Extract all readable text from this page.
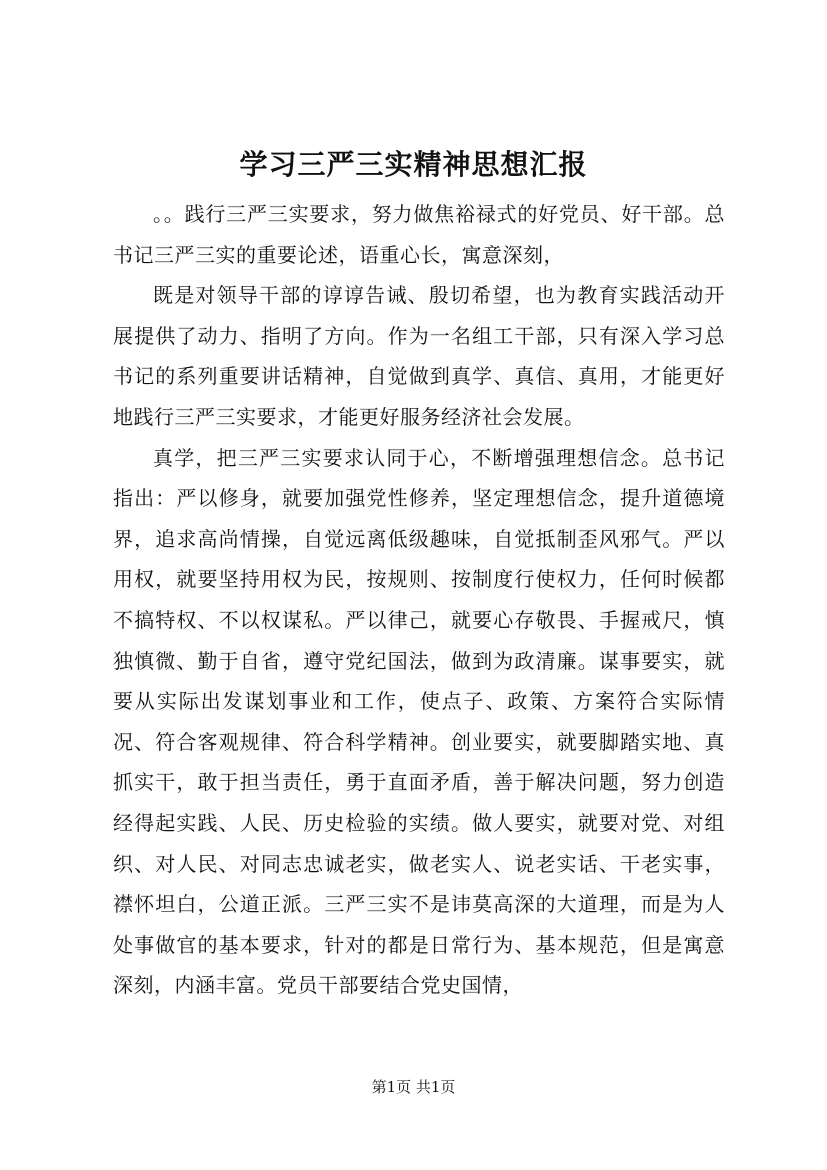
学习三严三实精神思想汇报

。。践行三严三实要求，努力做焦裕禄式的好党员、好干部。总书记三严三实的重要论述，语重心长，寓意深刻，

既是对领导干部的谆谆告诫、殷切希望，也为教育实践活动开展提供了动力、指明了方向。作为一名组工干部，只有深入学习总书记的系列重要讲话精神，自觉做到真学、真信、真用，才能更好地践行三严三实要求，才能更好服务经济社会发展。

真学，把三严三实要求认同于心，不断增强理想信念。总书记指出：严以修身，就要加强党性修养，坚定理想信念，提升道德境界，追求高尚情操，自觉远离低级趣味，自觉抵制歪风邪气。严以用权，就要坚持用权为民，按规则、按制度行使权力，任何时候都不搞特权、不以权谋私。严以律己，就要心存敬畏、手握戒尺，慎独慎微、勤于自省，遵守党纪国法，做到为政清廉。谋事要实，就要从实际出发谋划事业和工作，使点子、政策、方案符合实际情况、符合客观规律、符合科学精神。创业要实，就要脚踏实地、真抓实干，敢于担当责任，勇于直面矛盾，善于解决问题，努力创造经得起实践、人民、历史检验的实绩。做人要实，就要对党、对组织、对人民、对同志忠诚老实，做老实人、说老实话、干老实事，襟怀坦白，公道正派。三严三实不是讳莫高深的大道理，而是为人处事做官的基本要求，针对的都是日常行为、基本规范，但是寓意深刻，内涵丰富。党员干部要结合党史国情，

第1页 共1页
